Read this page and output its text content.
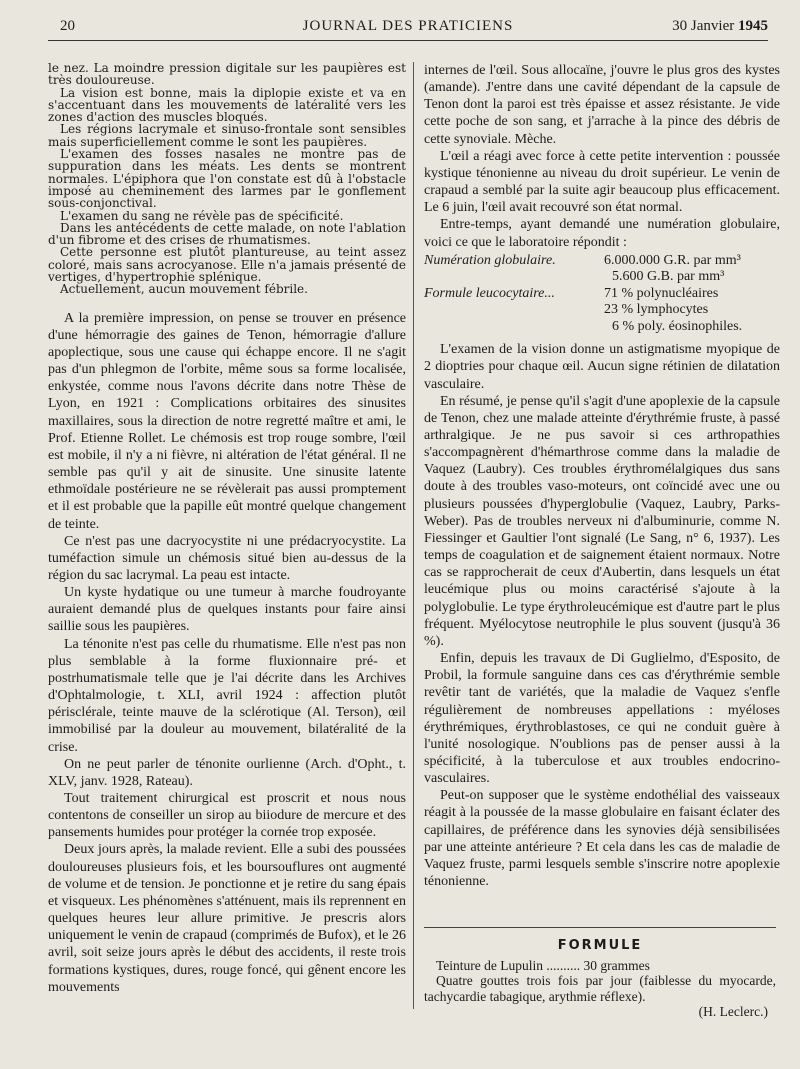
20	JOURNAL DES PRATICIENS	30 Janvier 1945

le nez. La moindre pression digitale sur les paupières est très douloureuse.

La vision est bonne, mais la diplopie existe et va en s'accentuant dans les mouvements de latéralité vers les zones d'action des muscles bloqués.

Les régions lacrymale et sinuso-frontale sont sensibles mais superficiellement comme le sont les paupières.

L'examen des fosses nasales ne montre pas de suppuration dans les méats. Les dents se montrent normales. L'épiphora que l'on constate est dû à l'obstacle imposé au cheminement des larmes par le gonflement sous-conjonctival.

L'examen du sang ne révèle pas de spécificité.

Dans les antécédents de cette malade, on note l'ablation d'un fibrome et des crises de rhumatismes.

Cette personne est plutôt plantureuse, au teint assez coloré, mais sans acrocyanose. Elle n'a jamais présenté de vertiges, d'hypertrophie splénique.

Actuellement, aucun mouvement fébrile.

A la première impression, on pense se trouver en présence d'une hémorragie des gaines de Tenon, hémorragie d'allure apoplectique, sous une cause qui échappe encore. Il ne s'agit pas d'un phlegmon de l'orbite, même sous sa forme localisée, enkystée, comme nous l'avons décrite dans notre Thèse de Lyon, en 1921 : Complications orbitaires des sinusites maxillaires, sous la direction de notre regretté maître et ami, le Prof. Etienne Rollet. Le chémosis est trop rouge sombre, l'œil est mobile, il n'y a ni fièvre, ni altération de l'état général. Il ne semble pas qu'il y ait de sinusite. Une sinusite latente ethmoïdale postérieure ne se révèlerait pas aussi promptement et il est probable que la papille eût montré quelque changement de teinte.

Ce n'est pas une dacryocystite ni une prédacryocystite. La tuméfaction simule un chémosis situé bien au-dessus de la région du sac lacrymal. La peau est intacte.

Un kyste hydatique ou une tumeur à marche foudroyante auraient demandé plus de quelques instants pour faire ainsi saillie sous les paupières.

La ténonite n'est pas celle du rhumatisme. Elle n'est pas non plus semblable à la forme fluxionnaire pré- et postrhumatismale telle que je l'ai décrite dans les Archives d'Ophtalmologie, t. XLI, avril 1924 : affection plutôt périsclérale, teinte mauve de la sclérotique (Al. Terson), œil immobilisé par la douleur au mouvement, bilatéralité de la crise.

On ne peut parler de ténonite ourlienne (Arch. d'Opht., t. XLV, janv. 1928, Rateau).

Tout traitement chirurgical est proscrit et nous nous contentons de conseiller un sirop au biiodure de mercure et des pansements humides pour protéger la cornée trop exposée.

Deux jours après, la malade revient. Elle a subi des poussées douloureuses plusieurs fois, et les boursouflures ont augmenté de volume et de tension. Je ponctionne et je retire du sang épais et visqueux. Les phénomènes s'atténuent, mais ils reprennent en quelques heures leur allure primitive. Je prescris alors uniquement le venin de crapaud (comprimés de Bufox), et le 26 avril, soit seize jours après le début des accidents, il reste trois formations kystiques, dures, rouge foncé, qui gênent encore les mouvements

internes de l'œil. Sous allocaïne, j'ouvre le plus gros des kystes (amande). J'entre dans une cavité dépendant de la capsule de Tenon dont la paroi est très épaisse et assez résistante. Je vide cette poche de son sang, et j'arrache à la pince des débris de cette synoviale. Mèche.

L'œil a réagi avec force à cette petite intervention : poussée kystique ténonienne au niveau du droit supérieur. Le venin de crapaud a semblé par la suite agir beaucoup plus efficacement. Le 6 juin, l'œil avait recouvré son état normal.

Entre-temps, ayant demandé une numération globulaire, voici ce que le laboratoire répondit :

Numération globulaire.	6.000.000 G.R. par mm³
5.600 G.B. par mm³
Formule leucocytaire...	71 % polynucléaires
23 % lymphocytes
6 % poly. éosinophiles.

L'examen de la vision donne un astigmatisme myopique de 2 dioptries pour chaque œil. Aucun signe rétinien de dilatation vasculaire.

En résumé, je pense qu'il s'agit d'une apoplexie de la capsule de Tenon, chez une malade atteinte d'érythrémie fruste, à passé arthralgique. Je ne pus savoir si ces arthropathies s'accompagnèrent d'hémarthrose comme dans la maladie de Vaquez (Laubry). Ces troubles érythromélalgiques dus sans doute à des troubles vaso-moteurs, ont coïncidé avec une ou plusieurs poussées d'hyperglobulie (Vaquez, Laubry, Parks-Weber). Pas de troubles nerveux ni d'albuminurie, comme N. Fiessinger et Gaultier l'ont signalé (Le Sang, n° 6, 1937). Les temps de coagulation et de saignement étaient normaux. Notre cas se rapprocherait de ceux d'Aubertin, dans lesquels un état leucémique plus ou moins caractérisé s'ajoute à la polyglobulie. Le type érythroleucémique est d'autre part le plus fréquent. Myélocytose neutrophile le plus souvent (jusqu'à 36 %).

Enfin, depuis les travaux de Di Guglielmo, d'Esposito, de Probil, la formule sanguine dans ces cas d'érythrémie semble revêtir tant de variétés, que la maladie de Vaquez s'enfle régulièrement de nombreuses appellations : myéloses érythrémiques, érythroblastoses, ce qui ne conduit guère à l'unité nosologique. N'oublions pas de penser aussi à la spécificité, à la tuberculose et aux troubles endocrino-vasculaires.

Peut-on supposer que le système endothélial des vaisseaux réagit à la poussée de la masse globulaire en faisant éclater des capillaires, de préférence dans les synovies déjà sensibilisées par une atteinte antérieure ? Et cela dans les cas de maladie de Vaquez fruste, parmi lesquels semble s'inscrire notre apoplexie ténonienne.

FORMULE
Teinture de Lupulin .......... 30 grammes
Quatre gouttes trois fois par jour (faiblesse du myocarde, tachycardie tabagique, arythmie réflexe).
(H. Leclerc.)
